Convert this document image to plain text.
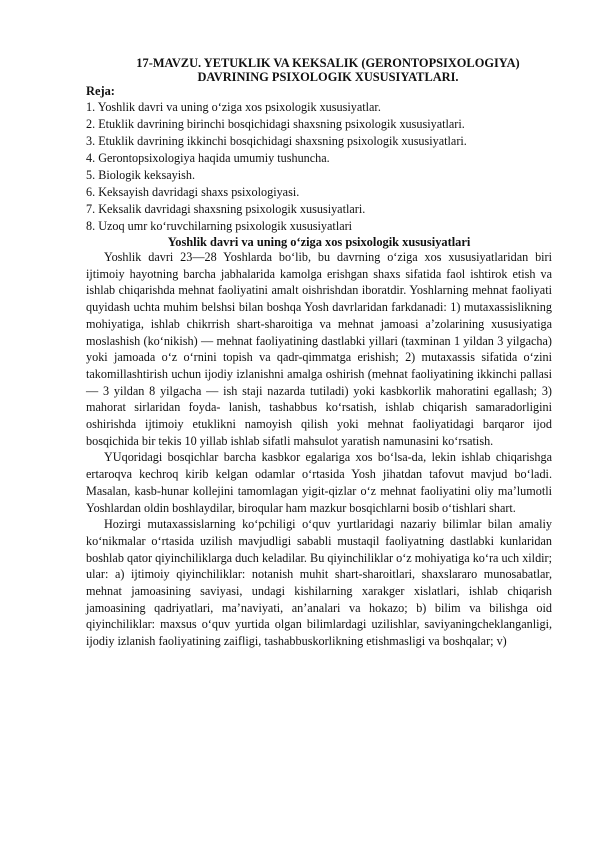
17-MAVZU. YETUKLIK VA KEKSALIK (GERONTOPSIXOLOGIYA)
DAVRINING PSIXOLOGIK XUSUSIYATLARI.
Reja:
1. Yoshlik davri va uning o‘ziga xos psixologik xususiyatlar.
2. Etuklik davrining birinchi bosqichidagi shaxsning psixologik xususiyatlari.
3. Etuklik davrining ikkinchi bosqichidagi shaxsning psixologik xususiyatlari.
4. Gerontopsixologiya haqida umumiy tushuncha.
5. Biologik keksayish.
6. Keksayish davridagi shaxs psixologiyasi.
7. Keksalik davridagi shaxsning psixologik xususiyatlari.
8. Uzoq umr ko‘ruvchilarning psixologik xususiyatlari
Yoshlik davri va uning o‘ziga xos psixologik xususiyatlari

Yoshlik davri 23—28 Yoshlarda bo‘lib, bu davrning o‘ziga xos xususiyatlaridan biri ijtimoiy hayotning barcha jabhalarida kamolga erishgan shaxs sifatida faol ishtirok etish va ishlab chiqarishda mehnat faoliyatini amalt oishrishdan iboratdir. Yoshlarning mehnat faoliyati quyidash uchta muhim belshsi bilan boshqa Yosh davrlaridan farkdanadi: 1) mutaxassislikning mohiyatiga, ishlab chikrrish shart-sharoitiga va mehnat jamoasi a’zolarining xususiyatiga moslashish (ko‘nikish) — mehnat faoliyatining dastlabki yillari (taxminan 1 yildan 3 yilgacha) yoki jamoada o‘z o‘rnini topish va qadr-qimmatga erishish; 2) mutaxassis sifatida o‘zini takomillashtirish uchun ijodiy izlanishni amalga oshirish (mehnat faoliyatining ikkinchi pallasi — 3 yildan 8 yilgacha — ish staji nazarda tutiladi) yoki kasbkorlik mahoratini egallash; 3) mahorat sirlaridan foyda- lanish, tashabbus ko‘rsatish, ishlab chiqarish samaradorligini oshirishda ijtimoiy etuklikni namoyish qilish yoki mehnat faoliyatidagi barqaror ijod bosqichida bir tekis 10 yillab ishlab sifatli mahsulot yaratish namunasini ko‘rsatish.

YUqoridagi bosqichlar barcha kasbkor egalariga xos bo‘lsa-da, lekin ishlab chiqarishga ertaroqva kechroq kirib kelgan odamlar o‘rtasida Yosh jihatdan tafovut mavjud bo‘ladi. Masalan, kasb-hunar kollejini tamomlagan yigit-qizlar o‘z mehnat faoliyatini oliy ma’lumotli Yoshlardan oldin boshlaydilar, biroqular ham mazkur bosqichlarni bosib o‘tishlari shart.

Hozirgi mutaxassislarning ko‘pchiligi o‘quv yurtlaridagi nazariy bilimlar bilan amaliy ko‘nikmalar o‘rtasida uzilish mavjudligi sababli mustaqil faoliyatning dastlabki kunlaridan boshlab qator qiyinchiliklarga duch keladilar. Bu qiyinchiliklar o‘z mohiyatiga ko‘ra uch xildir; ular: a) ijtimoiy qiyinchiliklar: notanish muhit shart-sharoitlari, shaxslararo munosabatlar, mehnat jamoasining saviyasi, undagi kishilarning xarakger xislatlari, ishlab chiqarish jamoasining qadriyatlari, ma’naviyati, an’analari va hokazo; b) bilim va bilishga oid qiyinchiliklar: maxsus o‘quv yurtida olgan bilimlardagi uzilishlar, saviyaningcheklanganligi, ijodiy izlanish faoliyatining zaifligi, tashabbuskorlikning etishmasligi va boshqalar; v)
